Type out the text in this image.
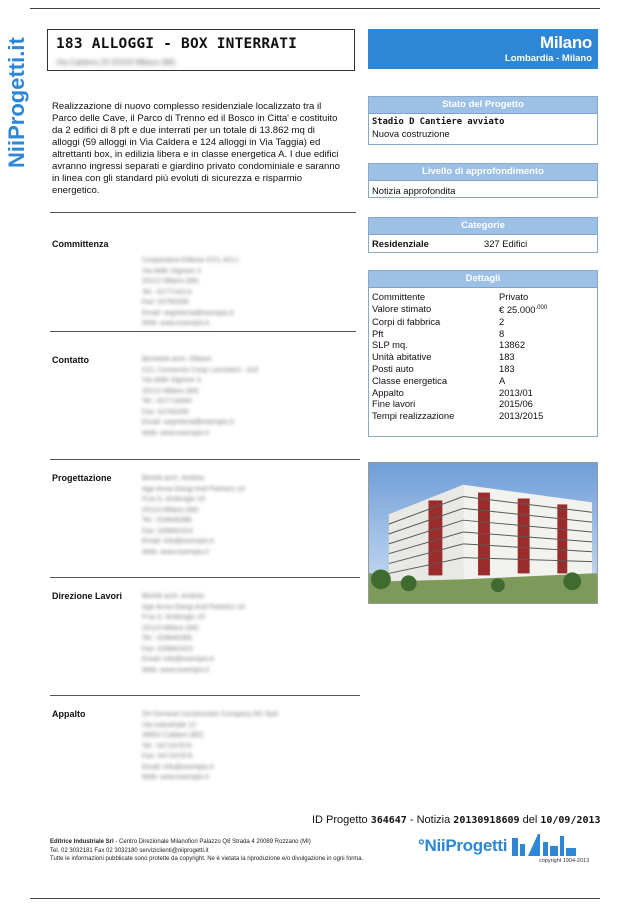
NiiProgetti.it 183 ALLOGGI - BOX INTERRATI
Via Caldera 23 20153 Milano (MI)
Milano
Lombardia - Milano
Realizzazione di nuovo complesso residenziale localizzato tra il Parco delle Cave, il Parco di Trenno ed il Bosco in Citta' e costituito da 2 edifici di 8 pft e due interrati per un totale di 13.862 mq di alloggi (59 alloggi in Via Caldera e 124 alloggi in Via Taggia) ed altrettanti box, in edilizia libera e in classe energetica A. I due edifici avranno ingressi separati e giardino privato condominiale e saranno in linea con gli standard più evoluti di sicurezza e risparmio energetico.
Committenza
Cooperativa Edilizia ICCL ACLI
Via delle Signore 3
20122 Milano (MI)
Tel.: 027714214
Fax: 02760256
Email: segreteria@esempio.it
Web: www.esempio.it
Contatto	Bertolotti arch. Ottavio
CCL Consorzio Coop Lavoratori - Acli
Via delle Signore 3
20122 Milano (MI)
Tel.: 027716300
Fax: 02760256
Email: segreteria@esempio.it
Web: www.esempio.it
Progettazione	Beretti arch. Andrea
Age Anna Giorgi And Partners srl
P.za S. Ambrogio 16
20123 Milano (MI)
Tel.: 028645386
Fax: 028692423
Email: info@esempio.it
Web: www.esempio.it
Direzione Lavori	Beretti arch. Andrea
Age Anna Giorgi And Partners srl
P.za S. Ambrogio 16
20123 Milano (MI)
Tel.: 028645386
Fax: 028692423
Email: info@esempio.it
Web: www.esempio.it
Appalto	ZH General Construction Company AG SpA
Via Industriale 12
39052 Caldaro (BZ)
Tel.: 047167670
Fax: 047167670
Email: info@esempio.it
Web: www.esempio.it
Stato del Progetto
Stadio D Cantiere avviato
Nuova costruzione
Livello di approfondimento
Notizia approfondita
Categorie
Residenziale	327 Edifici
Dettagli
Committente	Privato
Valore stimato	€ $25.000^{.000}$
Corpi di fabbrica	2
Pft	8
SLP mq.	13862
Unità abitative	183
Posti auto	183
Classe energetica	A
Appalto	2013/01
Fine lavori	2015/06
Tempi realizzazione	2013/2015
ID Progetto 364647 - Notizia 20130918609 del 10/09/2013
Editrice Industriale Srl - Centro Direzionale Milanofiori Palazzo Q8 Strada 4 20089 Rozzano (MI)
Tel. 02 3032181 Fax 02 3032180 serviziclienti@niiprogetti.it
Tutte le informazioni pubblicate sono protette da copyright. Ne è vietata la riproduzione e/o divulgazione in ogni forma.
°NiiProgetti
copyright 1904-2013
